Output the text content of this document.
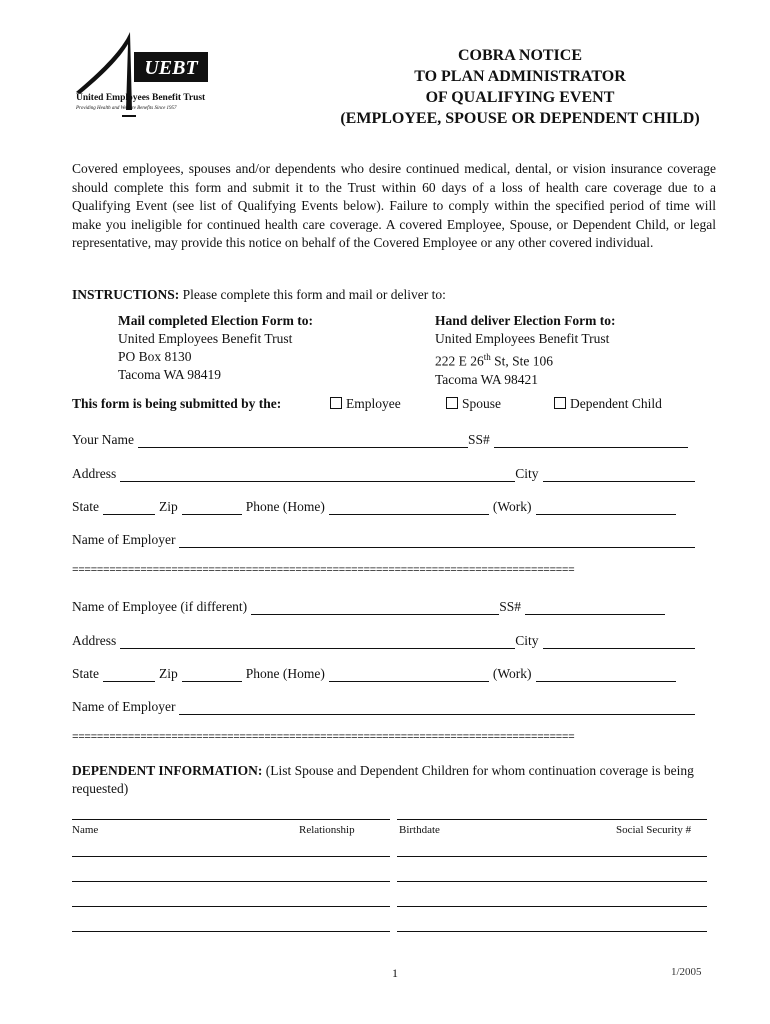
UEBT
United Employees Benefit Trust
Providing Health and Welfare Benefits Since 1957
COBRA NOTICE
TO PLAN ADMINISTRATOR
OF QUALIFYING EVENT
(EMPLOYEE, SPOUSE OR DEPENDENT CHILD)
Covered employees, spouses and/or dependents who desire continued medical, dental, or vision insurance coverage should complete this form and submit it to the Trust within 60 days of a loss of health care coverage due to a Qualifying Event (see list of Qualifying Events below). Failure to comply within the specified period of time will make you ineligible for continued health care coverage. A covered Employee, Spouse, or Dependent Child, or legal representative, may provide this notice on behalf of the Covered Employee or any other covered individual.
INSTRUCTIONS: Please complete this form and mail or deliver to:
Mail completed Election Form to:
United Employees Benefit Trust
PO Box 8130
Tacoma WA 98419
Hand deliver Election Form to:
United Employees Benefit Trust
222 E 26th St, Ste 106
Tacoma WA 98421
This form is being submitted by the:	Employee	Spouse	Dependent Child
Your Name	SS#
Address	City
State	Zip	Phone (Home)	(Work)
Name of Employer
=================================================================================
Name of Employee (if different)	SS#
Address	City
State	Zip	Phone (Home)	(Work)
Name of Employer
=================================================================================
DEPENDENT INFORMATION: (List Spouse and Dependent Children for whom continuation coverage is being requested)
Name	Relationship	Birthdate	Social Security #
1	1/2005
